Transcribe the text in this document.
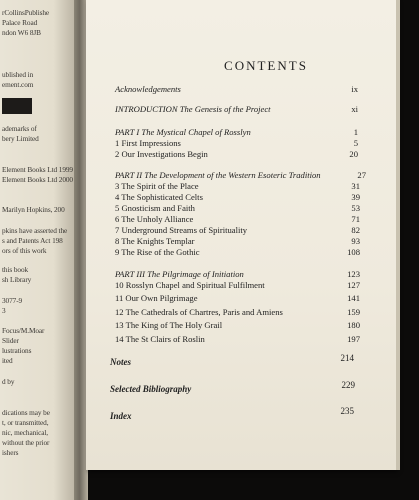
rCollinsPublishe
Palace Road
ndon W6 8JB
ublished in
ement.com
ademarks of
bery Limited
Element Books Ltd 1999
Element Books Ltd 2000
Marilyn Hopkins, 200
pkins have asserted the
s and Patents Act 198
ors of this work
this book
sh Library
3077-9
3
Focus/M.Moar
Slider
lustrations
ited
d by
dications may be
t, or transmitted,
nic, mechanical,
without the prior
ishers
CONTENTS
Acknowledgements	ix
INTRODUCTION The Genesis of the Project	xi
PART I The Mystical Chapel of Rosslyn	1
1 First Impressions	5
2 Our Investigations Begin	20
PART II The Development of the Western Esoteric Tradition	27
3 The Spirit of the Place	31
4 The Sophisticated Celts	39
5 Gnosticism and Faith	53
6 The Unholy Alliance	71
7 Underground Streams of Spirituality	82
8 The Knights Templar	93
9 The Rise of the Gothic	108
PART III The Pilgrimage of Initiation	123
10 Rosslyn Chapel and Spiritual Fulfilment	127
11 Our Own Pilgrimage	141
12 The Cathedrals of Chartres, Paris and Amiens	159
13 The King of The Holy Grail	180
14 The St Clairs of Roslin	197
Notes	214
Selected Bibliography	229
Index	235
